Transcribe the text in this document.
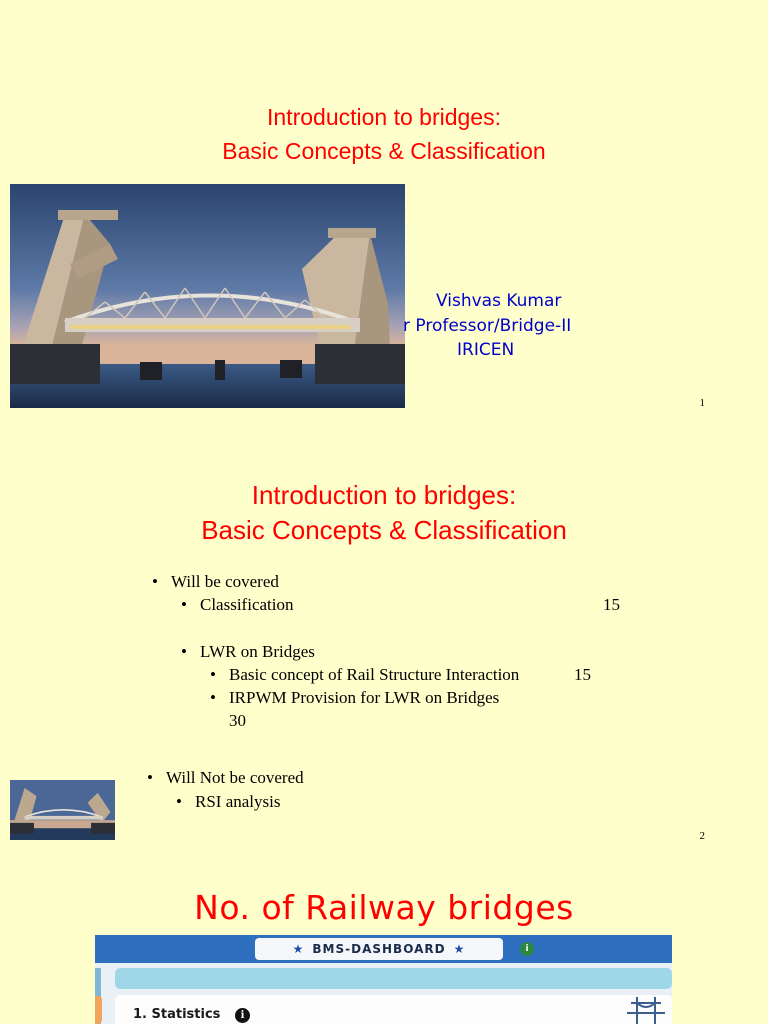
Introduction to bridges:
Basic Concepts & Classification
Vishvas Kumar
r Professor/Bridge-II
IRICEN
1
Introduction to bridges:
Basic Concepts & Classification
• Will be covered
• Classification	15
• LWR on Bridges
• Basic concept of Rail Structure Interaction	15
• IRPWM Provision for LWR on Bridges
30
• Will Not be covered
• RSI analysis
2
No. of Railway bridges
★ BMS-DASHBOARD ★	i
1. Statistics	i
